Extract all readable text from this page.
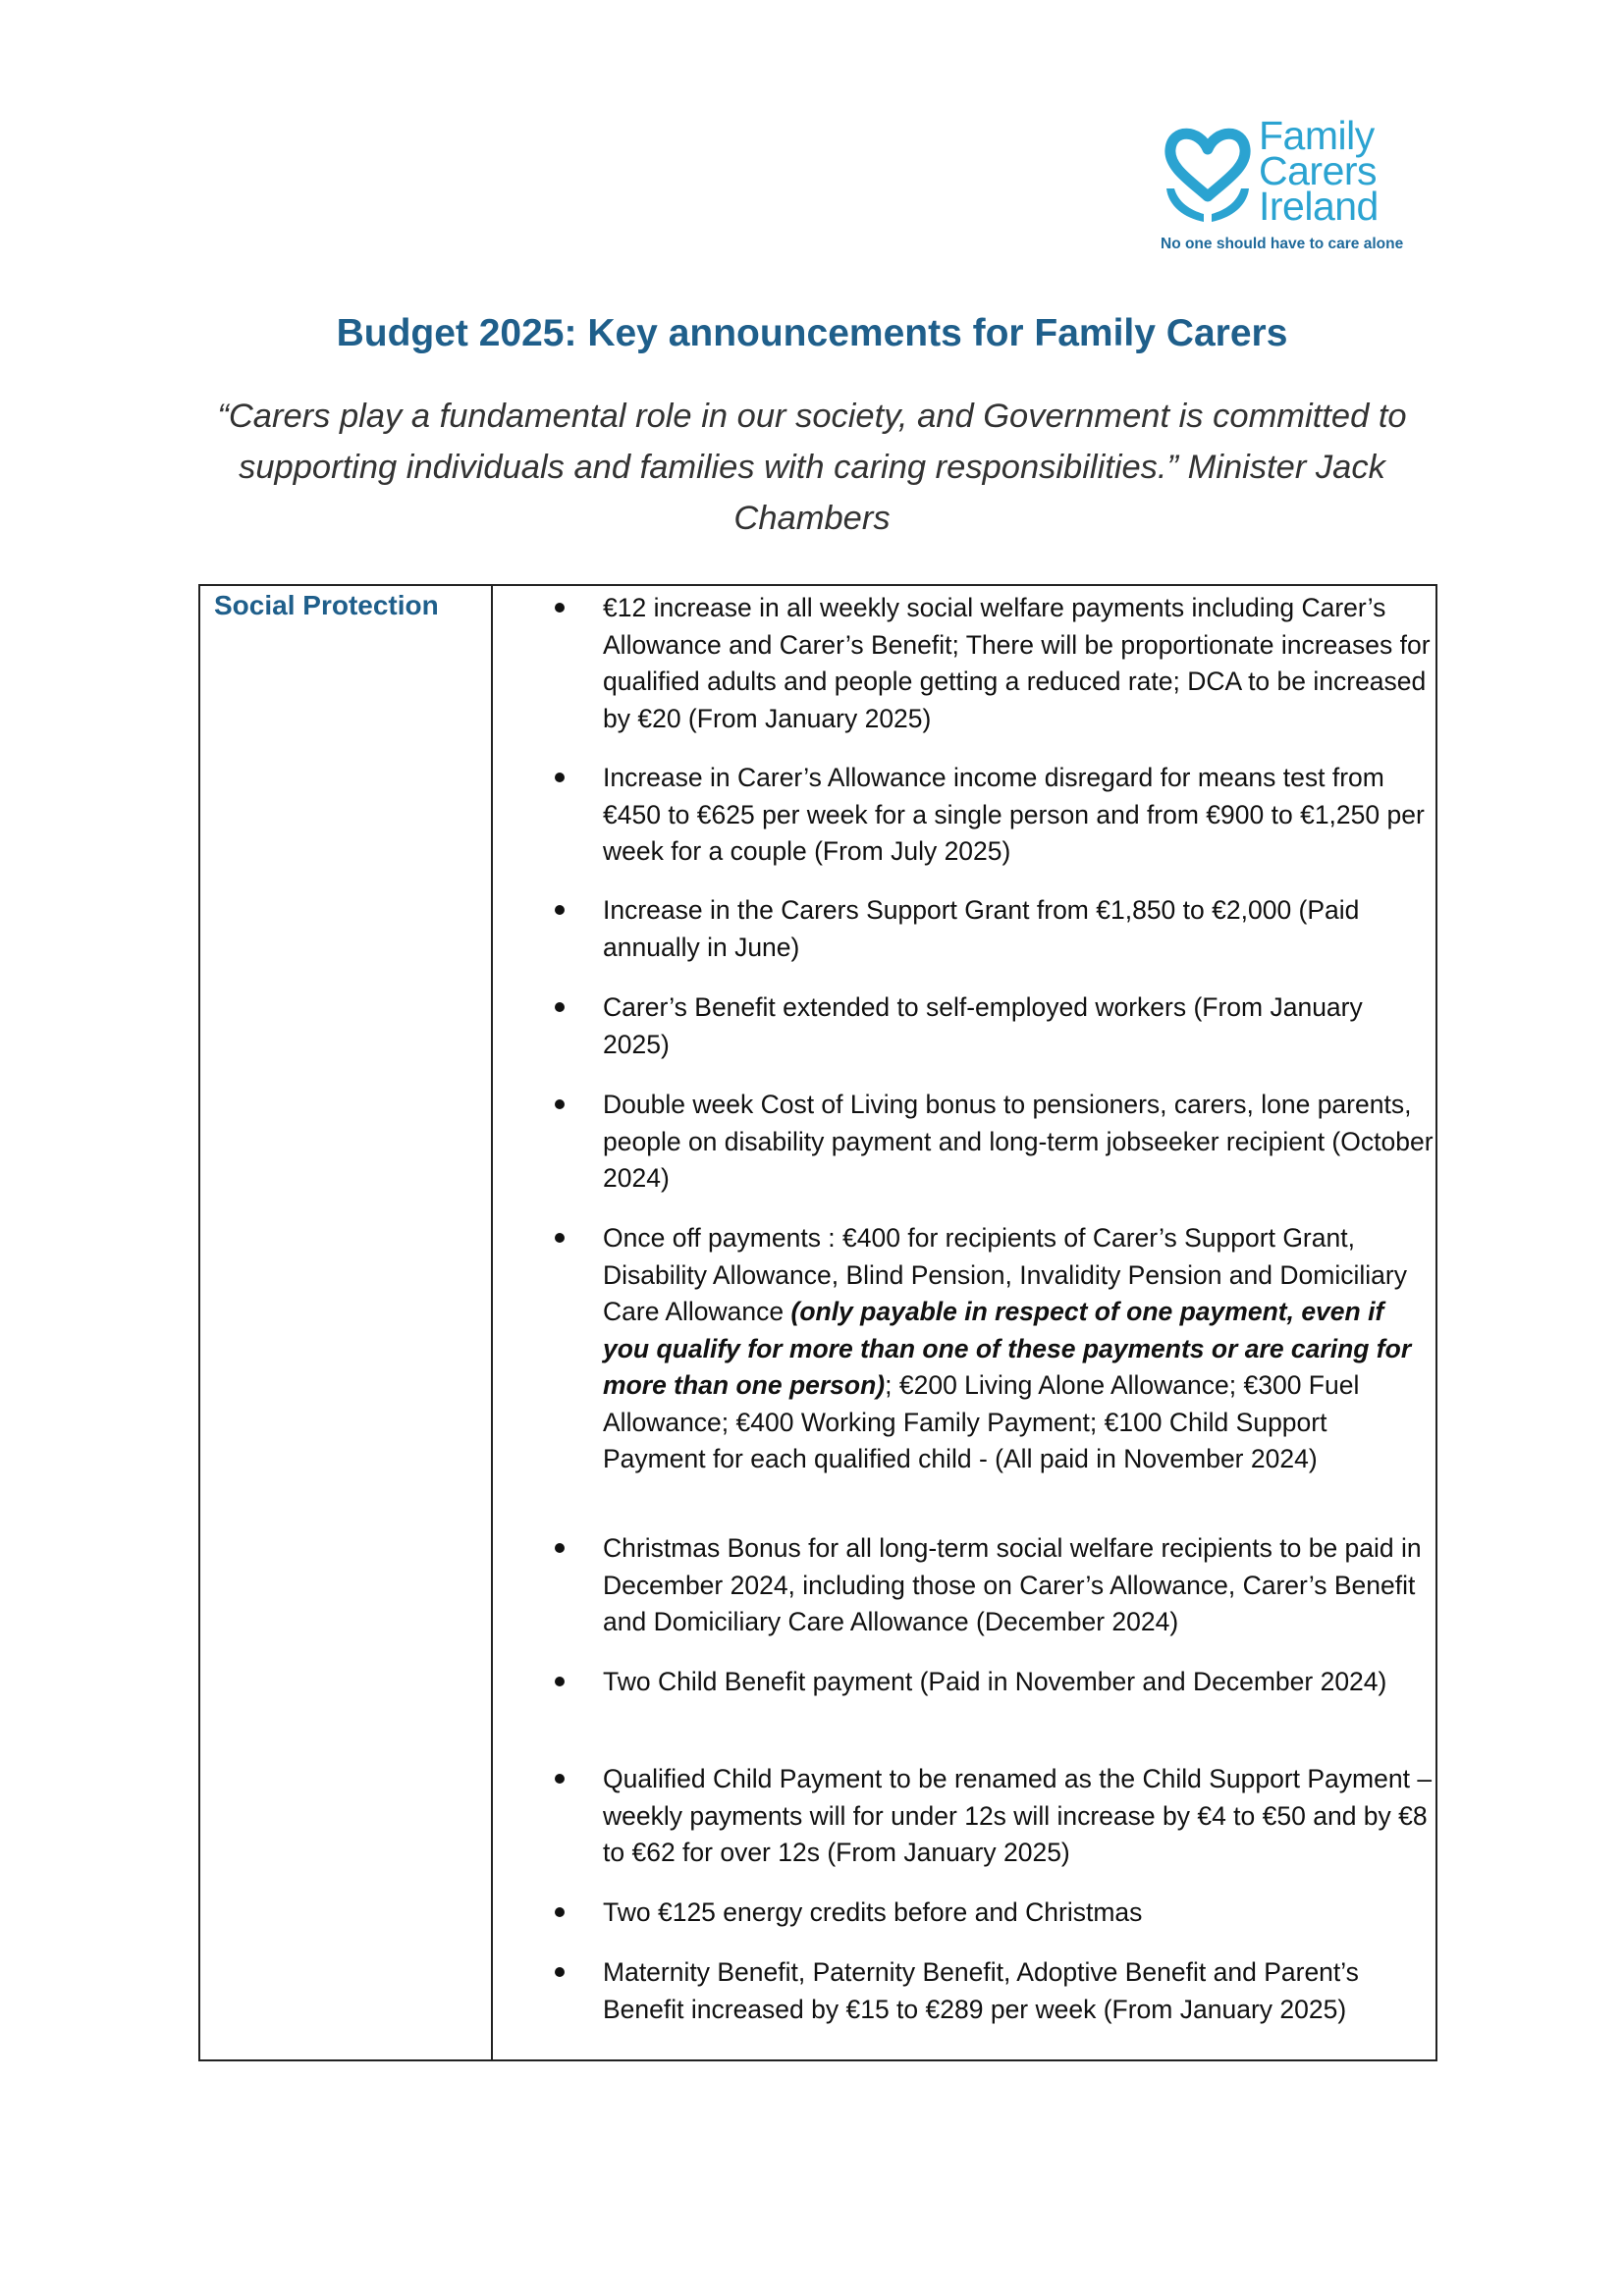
Family
Carers
Ireland
No one should have to care alone
Budget 2025: Key announcements for Family Carers

“Carers play a fundamental role in our society, and Government is committed to supporting individuals and families with caring responsibilities.” Minister Jack Chambers

Social Protection	€12 increase in all weekly social welfare payments including Carer’s Allowance and Carer’s Benefit; There will be proportionate increases for qualified adults and people getting a reduced rate; DCA to be increased by €20 (From January 2025)
Increase in Carer’s Allowance income disregard for means test from €450 to €625 per week for a single person and from €900 to €1,250 per week for a couple (From July 2025)
Increase in the Carers Support Grant from €1,850 to €2,000 (Paid annually in June)
Carer’s Benefit extended to self-employed workers (From January 2025)
Double week Cost of Living bonus to pensioners, carers, lone parents, people on disability payment and long-term jobseeker recipient (October 2024)
Once off payments : €400 for recipients of Carer’s Support Grant, Disability Allowance, Blind Pension, Invalidity Pension and Domiciliary Care Allowance (only payable in respect of one payment, even if you qualify for more than one of these payments or are caring for more than one person); €200 Living Alone Allowance; €300 Fuel Allowance; €400 Working Family Payment; €100 Child Support Payment for each qualified child - (All paid in November 2024)
Christmas Bonus for all long-term social welfare recipients to be paid in December 2024, including those on Carer’s Allowance, Carer’s Benefit and Domiciliary Care Allowance (December 2024)
Two Child Benefit payment (Paid in November and December 2024)
Qualified Child Payment to be renamed as the Child Support Payment – weekly payments will for under 12s will increase by €4 to €50 and by €8 to €62 for over 12s (From January 2025)
Two €125 energy credits before and Christmas
Maternity Benefit, Paternity Benefit, Adoptive Benefit and Parent’s Benefit increased by €15 to €289 per week (From January 2025)
